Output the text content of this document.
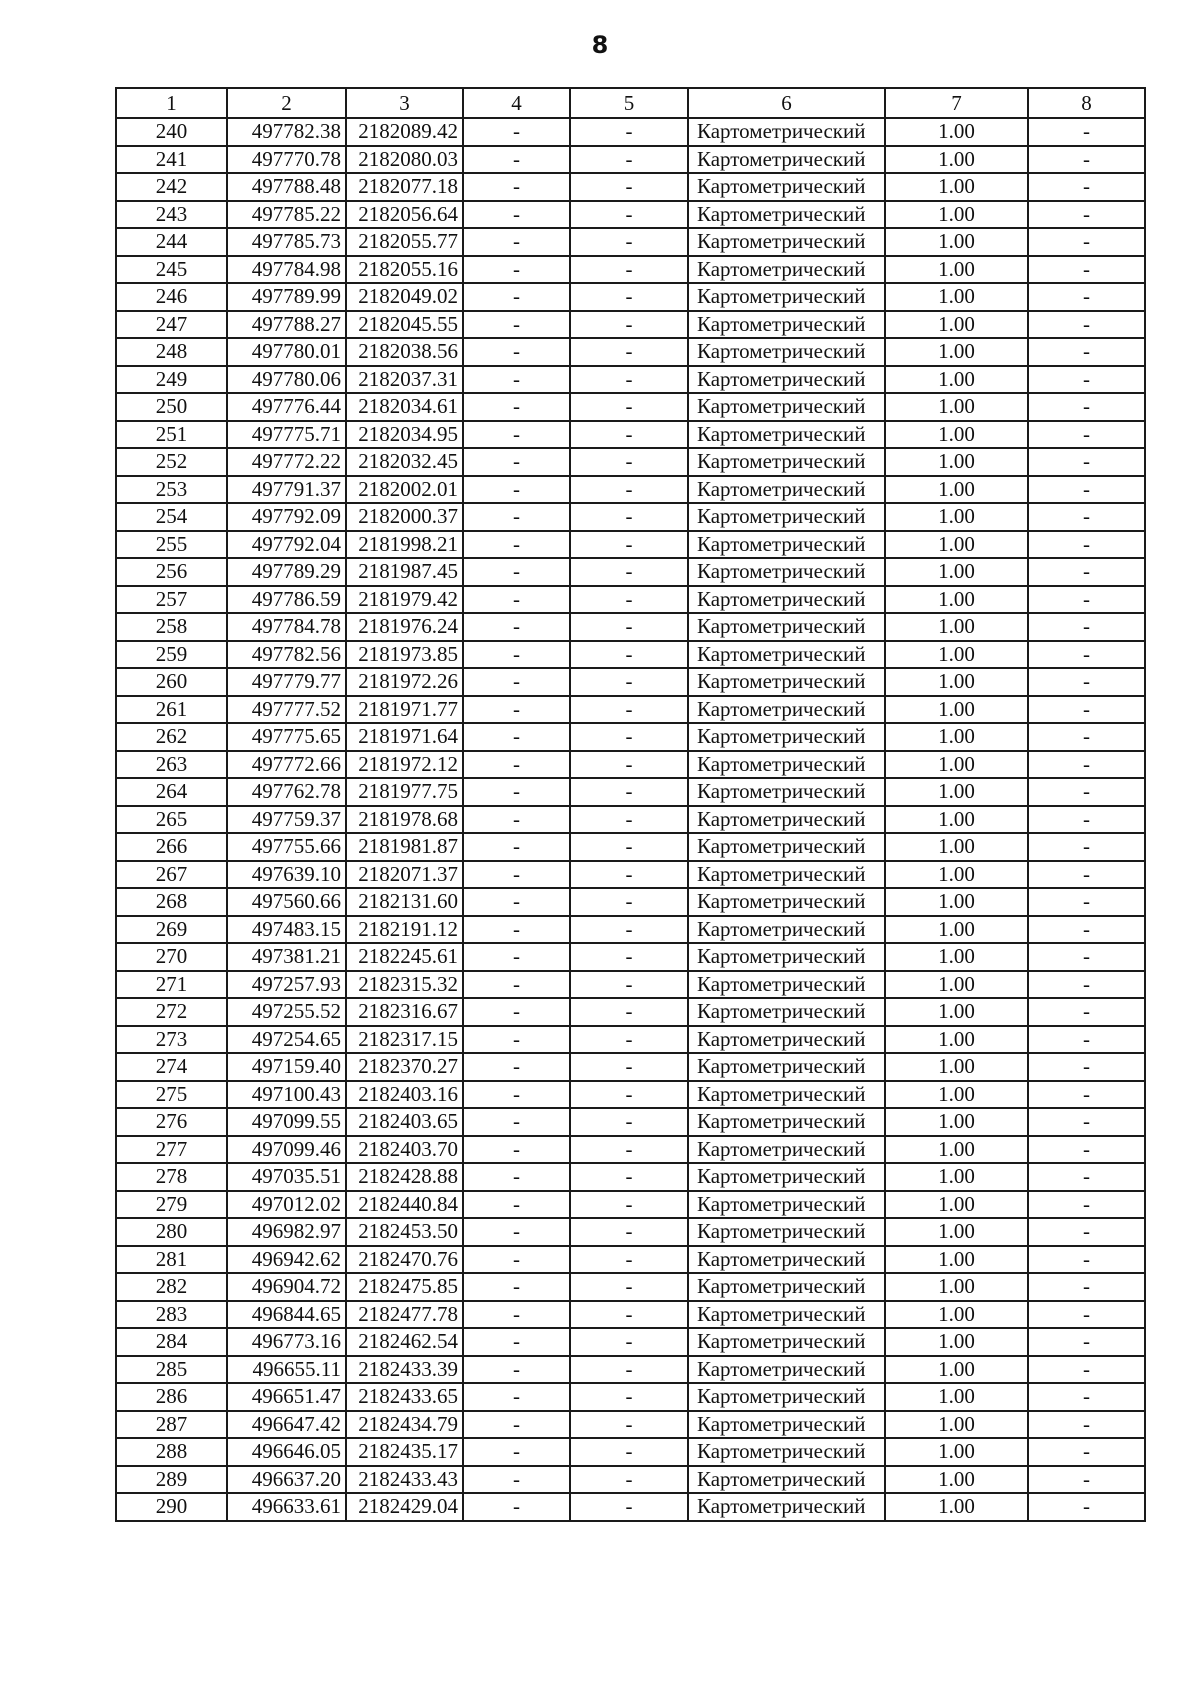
8
1	2	3	4	5	6	7	8
240	497782.38	2182089.42	-	-	Картометрический	1.00	-
241	497770.78	2182080.03	-	-	Картометрический	1.00	-
242	497788.48	2182077.18	-	-	Картометрический	1.00	-
243	497785.22	2182056.64	-	-	Картометрический	1.00	-
244	497785.73	2182055.77	-	-	Картометрический	1.00	-
245	497784.98	2182055.16	-	-	Картометрический	1.00	-
246	497789.99	2182049.02	-	-	Картометрический	1.00	-
247	497788.27	2182045.55	-	-	Картометрический	1.00	-
248	497780.01	2182038.56	-	-	Картометрический	1.00	-
249	497780.06	2182037.31	-	-	Картометрический	1.00	-
250	497776.44	2182034.61	-	-	Картометрический	1.00	-
251	497775.71	2182034.95	-	-	Картометрический	1.00	-
252	497772.22	2182032.45	-	-	Картометрический	1.00	-
253	497791.37	2182002.01	-	-	Картометрический	1.00	-
254	497792.09	2182000.37	-	-	Картометрический	1.00	-
255	497792.04	2181998.21	-	-	Картометрический	1.00	-
256	497789.29	2181987.45	-	-	Картометрический	1.00	-
257	497786.59	2181979.42	-	-	Картометрический	1.00	-
258	497784.78	2181976.24	-	-	Картометрический	1.00	-
259	497782.56	2181973.85	-	-	Картометрический	1.00	-
260	497779.77	2181972.26	-	-	Картометрический	1.00	-
261	497777.52	2181971.77	-	-	Картометрический	1.00	-
262	497775.65	2181971.64	-	-	Картометрический	1.00	-
263	497772.66	2181972.12	-	-	Картометрический	1.00	-
264	497762.78	2181977.75	-	-	Картометрический	1.00	-
265	497759.37	2181978.68	-	-	Картометрический	1.00	-
266	497755.66	2181981.87	-	-	Картометрический	1.00	-
267	497639.10	2182071.37	-	-	Картометрический	1.00	-
268	497560.66	2182131.60	-	-	Картометрический	1.00	-
269	497483.15	2182191.12	-	-	Картометрический	1.00	-
270	497381.21	2182245.61	-	-	Картометрический	1.00	-
271	497257.93	2182315.32	-	-	Картометрический	1.00	-
272	497255.52	2182316.67	-	-	Картометрический	1.00	-
273	497254.65	2182317.15	-	-	Картометрический	1.00	-
274	497159.40	2182370.27	-	-	Картометрический	1.00	-
275	497100.43	2182403.16	-	-	Картометрический	1.00	-
276	497099.55	2182403.65	-	-	Картометрический	1.00	-
277	497099.46	2182403.70	-	-	Картометрический	1.00	-
278	497035.51	2182428.88	-	-	Картометрический	1.00	-
279	497012.02	2182440.84	-	-	Картометрический	1.00	-
280	496982.97	2182453.50	-	-	Картометрический	1.00	-
281	496942.62	2182470.76	-	-	Картометрический	1.00	-
282	496904.72	2182475.85	-	-	Картометрический	1.00	-
283	496844.65	2182477.78	-	-	Картометрический	1.00	-
284	496773.16	2182462.54	-	-	Картометрический	1.00	-
285	496655.11	2182433.39	-	-	Картометрический	1.00	-
286	496651.47	2182433.65	-	-	Картометрический	1.00	-
287	496647.42	2182434.79	-	-	Картометрический	1.00	-
288	496646.05	2182435.17	-	-	Картометрический	1.00	-
289	496637.20	2182433.43	-	-	Картометрический	1.00	-
290	496633.61	2182429.04	-	-	Картометрический	1.00	-
